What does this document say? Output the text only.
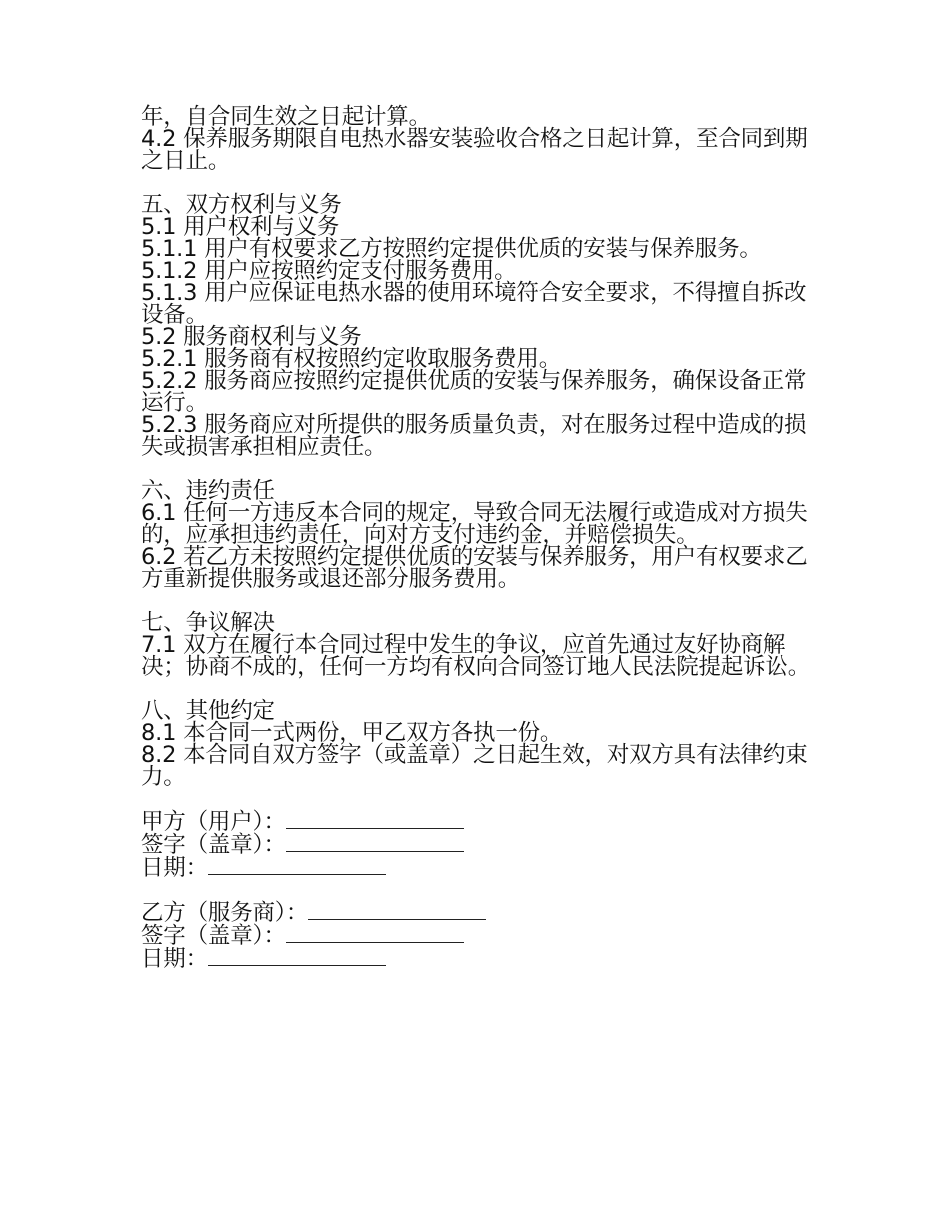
年，自合同生效之日起计算。

4.2 保养服务期限自电热水器安装验收合格之日起计算，至合同到期之日止。

五、双方权利与义务

5.1 用户权利与义务

5.1.1 用户有权要求乙方按照约定提供优质的安装与保养服务。

5.1.2 用户应按照约定支付服务费用。

5.1.3 用户应保证电热水器的使用环境符合安全要求，不得擅自拆改设备。

5.2 服务商权利与义务

5.2.1 服务商有权按照约定收取服务费用。

5.2.2 服务商应按照约定提供优质的安装与保养服务，确保设备正常运行。

5.2.3 服务商应对所提供的服务质量负责，对在服务过程中造成的损失或损害承担相应责任。

六、违约责任

6.1 任何一方违反本合同的规定，导致合同无法履行或造成对方损失的，应承担违约责任，向对方支付违约金，并赔偿损失。

6.2 若乙方未按照约定提供优质的安装与保养服务，用户有权要求乙方重新提供服务或退还部分服务费用。

七、争议解决

7.1 双方在履行本合同过程中发生的争议，应首先通过友好协商解决；协商不成的，任何一方均有权向合同签订地人民法院提起诉讼。

八、其他约定

8.1 本合同一式两份，甲乙双方各执一份。

8.2 本合同自双方签字（或盖章）之日起生效，对双方具有法律约束力。

甲方（用户）：

签字（盖章）：

日期：

乙方（服务商）：

签字（盖章）：

日期：
